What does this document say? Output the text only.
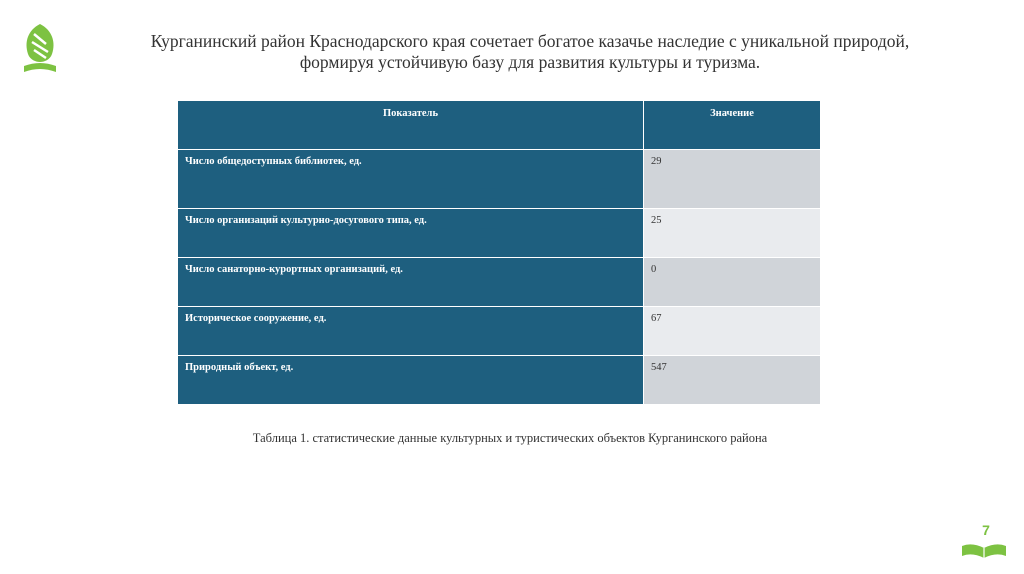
Курганинский район Краснодарского края сочетает богатое казачье наследие с уникальной природой,
формируя устойчивую базу для развития культуры и туризма.
Показатель	Значение
Число общедоступных библиотек, ед.	29
Число организаций культурно-досугового типа, ед.	25
Число санаторно-курортных организаций, ед.	0
Историческое сооружение, ед.	67
Природный объект, ед.	547
Таблица 1. статистические данные культурных и туристических объектов Курганинского района
7
